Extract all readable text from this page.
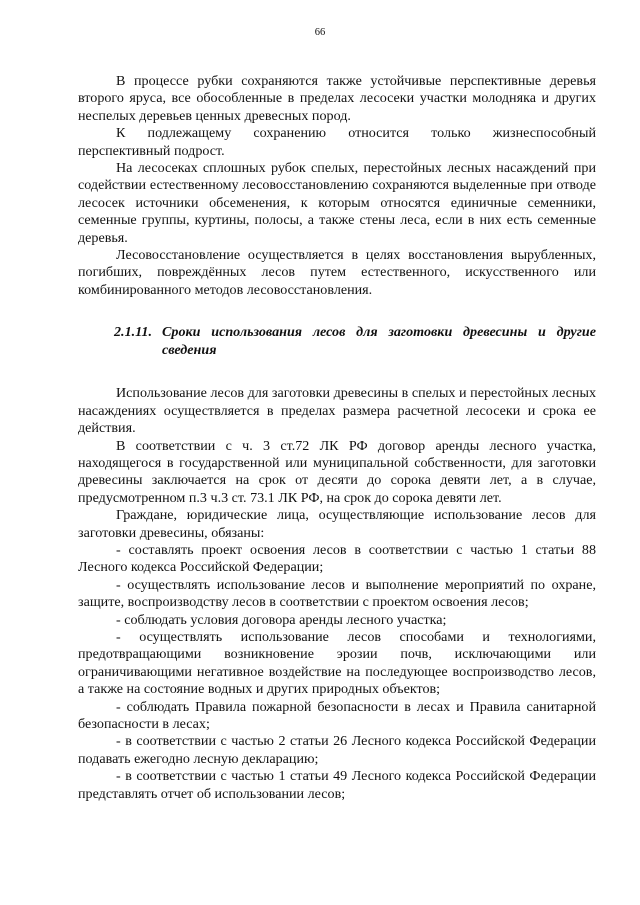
66

В процессе рубки сохраняются также устойчивые перспективные деревья второго яруса, все обособленные в пределах лесосеки участки молодняка и других неспелых деревьев ценных древесных пород.

К подлежащему сохранению относится только жизнеспособный перспективный подрост.

На лесосеках сплошных рубок спелых, перестойных лесных насаждений при содействии естественному лесовосстановлению сохраняются выделенные при отводе лесосек источники обсеменения, к которым относятся единичные семенники, семенные группы, куртины, полосы, а также стены леса, если в них есть семенные деревья.

Лесовосстановление осуществляется в целях восстановления вырубленных, погибших, повреждённых лесов путем естественного, искусственного или комбинированного методов лесовосстановления.

2.1.11. Сроки использования лесов для заготовки древесины и другие сведения

Использование лесов для заготовки древесины в спелых и перестойных лесных насаждениях осуществляется в пределах размера расчетной лесосеки и срока ее действия.

В соответствии с ч. 3 ст.72 ЛК РФ договор аренды лесного участка, находящегося в государственной или муниципальной собственности, для заготовки древесины заключается на срок от десяти до сорока девяти лет, а в случае, предусмотренном п.3 ч.3 ст. 73.1 ЛК РФ, на срок до сорока девяти лет.

Граждане, юридические лица, осуществляющие использование лесов для заготовки древесины, обязаны:

- составлять проект освоения лесов в соответствии с частью 1 статьи 88 Лесного кодекса Российской Федерации;

- осуществлять использование лесов и выполнение мероприятий по охране, защите, воспроизводству лесов в соответствии с проектом освоения лесов;

- соблюдать условия договора аренды лесного участка;

- осуществлять использование лесов способами и технологиями, предотвращающими возникновение эрозии почв, исключающими или ограничивающими негативное воздействие на последующее воспроизводство лесов, а также на состояние водных и других природных объектов;

- соблюдать Правила пожарной безопасности в лесах и Правила санитарной безопасности в лесах;

- в соответствии с частью 2 статьи 26 Лесного кодекса Российской Федерации подавать ежегодно лесную декларацию;

- в соответствии с частью 1 статьи 49 Лесного кодекса Российской Федерации представлять отчет об использовании лесов;
